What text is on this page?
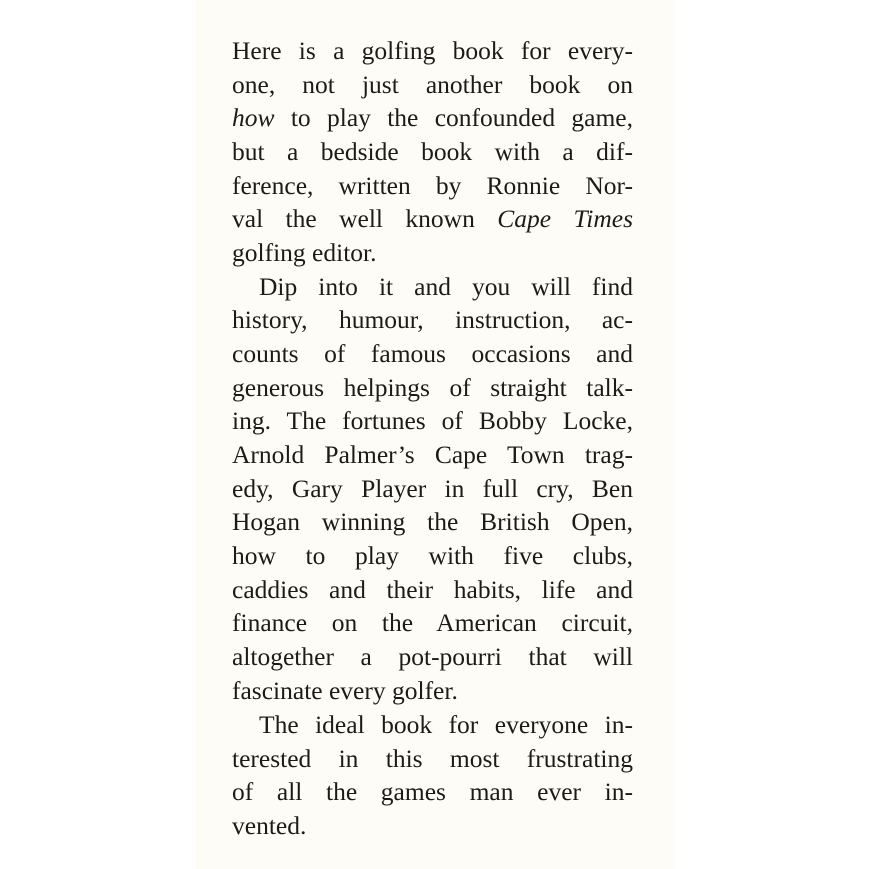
Here is a golfing book for every-
one, not just another book on
how to play the confounded game,
but a bedside book with a dif-
ference, written by Ronnie Nor-
val the well known Cape Times
golfing editor.
Dip into it and you will find
history, humour, instruction, ac-
counts of famous occasions and
generous helpings of straight talk-
ing. The fortunes of Bobby Locke,
Arnold Palmer’s Cape Town trag-
edy, Gary Player in full cry, Ben
Hogan winning the British Open,
how to play with five clubs,
caddies and their habits, life and
finance on the American circuit,
altogether a pot-pourri that will
fascinate every golfer.
The ideal book for everyone in-
terested in this most frustrating
of all the games man ever in-
vented.
